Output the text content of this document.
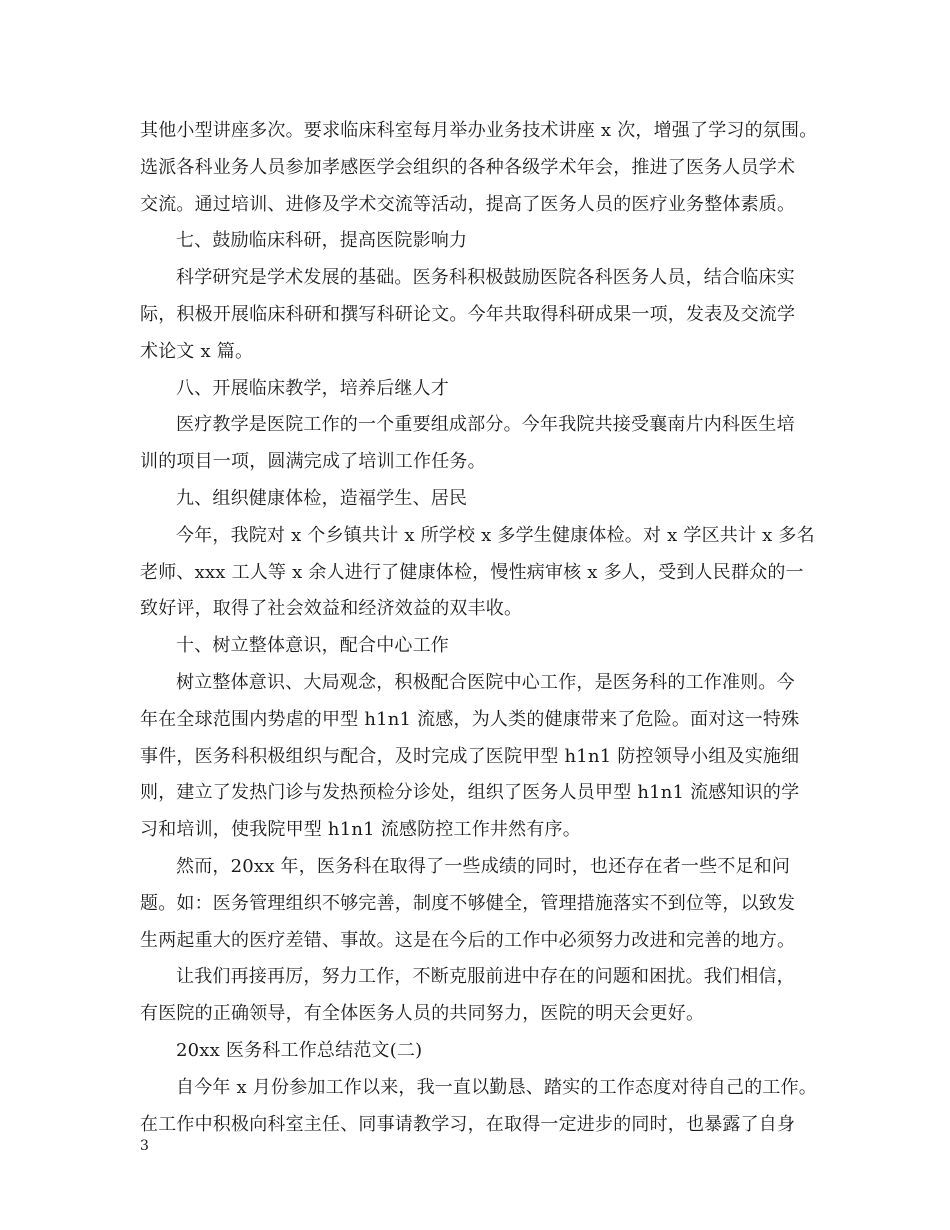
其他小型讲座多次。要求临床科室每月举办业务技术讲座 x 次，增强了学习的氛围。
选派各科业务人员参加孝感医学会组织的各种各级学术年会，推进了医务人员学术
交流。通过培训、进修及学术交流等活动，提高了医务人员的医疗业务整体素质。
七、鼓励临床科研，提高医院影响力
科学研究是学术发展的基础。医务科积极鼓励医院各科医务人员，结合临床实
际，积极开展临床科研和撰写科研论文。今年共取得科研成果一项，发表及交流学
术论文 x 篇。
八、开展临床教学，培养后继人才
医疗教学是医院工作的一个重要组成部分。今年我院共接受襄南片内科医生培
训的项目一项，圆满完成了培训工作任务。
九、组织健康体检，造福学生、居民
今年，我院对 x 个乡镇共计 x 所学校 x 多学生健康体检。对 x 学区共计 x 多名
老师、xxx 工人等 x 余人进行了健康体检，慢性病审核 x 多人，受到人民群众的一
致好评，取得了社会效益和经济效益的双丰收。
十、树立整体意识，配合中心工作
树立整体意识、大局观念，积极配合医院中心工作，是医务科的工作准则。今
年在全球范围内势虐的甲型 h1n1 流感，为人类的健康带来了危险。面对这一特殊
事件，医务科积极组织与配合，及时完成了医院甲型 h1n1 防控领导小组及实施细
则，建立了发热门诊与发热预检分诊处，组织了医务人员甲型 h1n1 流感知识的学
习和培训，使我院甲型 h1n1 流感防控工作井然有序。
然而，20xx 年，医务科在取得了一些成绩的同时，也还存在者一些不足和问
题。如：医务管理组织不够完善，制度不够健全，管理措施落实不到位等，以致发
生两起重大的医疗差错、事故。这是在今后的工作中必须努力改进和完善的地方。
让我们再接再厉，努力工作，不断克服前进中存在的问题和困扰。我们相信，
有医院的正确领导，有全体医务人员的共同努力，医院的明天会更好。
20xx 医务科工作总结范文(二)
自今年 x 月份参加工作以来，我一直以勤恳、踏实的工作态度对待自己的工作。
在工作中积极向科室主任、同事请教学习，在取得一定进步的同时，也暴露了自身
3
